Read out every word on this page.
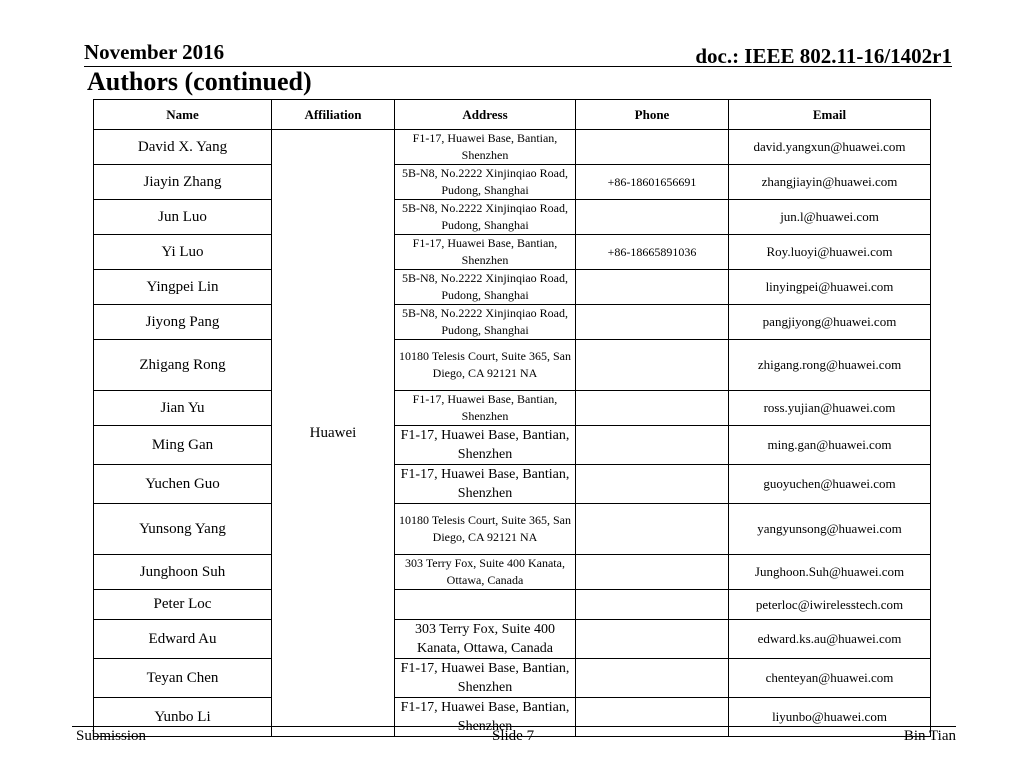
November 2016	doc.: IEEE 802.11-16/1402r1
Authors (continued)
Name	Affiliation	Address	Phone	Email
David X. Yang	Huawei	F1-17, Huawei Base, Bantian, Shenzhen		david.yangxun@huawei.com
Jiayin Zhang		5B-N8, No.2222 Xinjinqiao Road, Pudong, Shanghai	+86-18601656691	zhangjiayin@huawei.com
Jun Luo		5B-N8, No.2222 Xinjinqiao Road, Pudong, Shanghai		jun.l@huawei.com
Yi Luo		F1-17, Huawei Base, Bantian, Shenzhen	+86-18665891036	Roy.luoyi@huawei.com
Yingpei Lin		5B-N8, No.2222 Xinjinqiao Road, Pudong, Shanghai		linyingpei@huawei.com
Jiyong Pang		5B-N8, No.2222 Xinjinqiao Road, Pudong, Shanghai		pangjiyong@huawei.com
Zhigang Rong		10180 Telesis Court, Suite 365, San Diego, CA 92121 NA		zhigang.rong@huawei.com
Jian Yu		F1-17, Huawei Base, Bantian, Shenzhen		ross.yujian@huawei.com
Ming Gan		F1-17, Huawei Base, Bantian, Shenzhen		ming.gan@huawei.com
Yuchen Guo		F1-17, Huawei Base, Bantian, Shenzhen		guoyuchen@huawei.com
Yunsong Yang		10180 Telesis Court, Suite 365, San Diego, CA 92121 NA		yangyunsong@huawei.com
Junghoon Suh		303 Terry Fox, Suite 400 Kanata, Ottawa, Canada		Junghoon.Suh@huawei.com
Peter Loc				peterloc@iwirelesstech.com
Edward Au		303 Terry Fox, Suite 400 Kanata, Ottawa, Canada		edward.ks.au@huawei.com
Teyan Chen		F1-17, Huawei Base, Bantian, Shenzhen		chenteyan@huawei.com
Yunbo Li		F1-17, Huawei Base, Bantian, Shenzhen		liyunbo@huawei.com
Submission	Slide 7	Bin Tian
